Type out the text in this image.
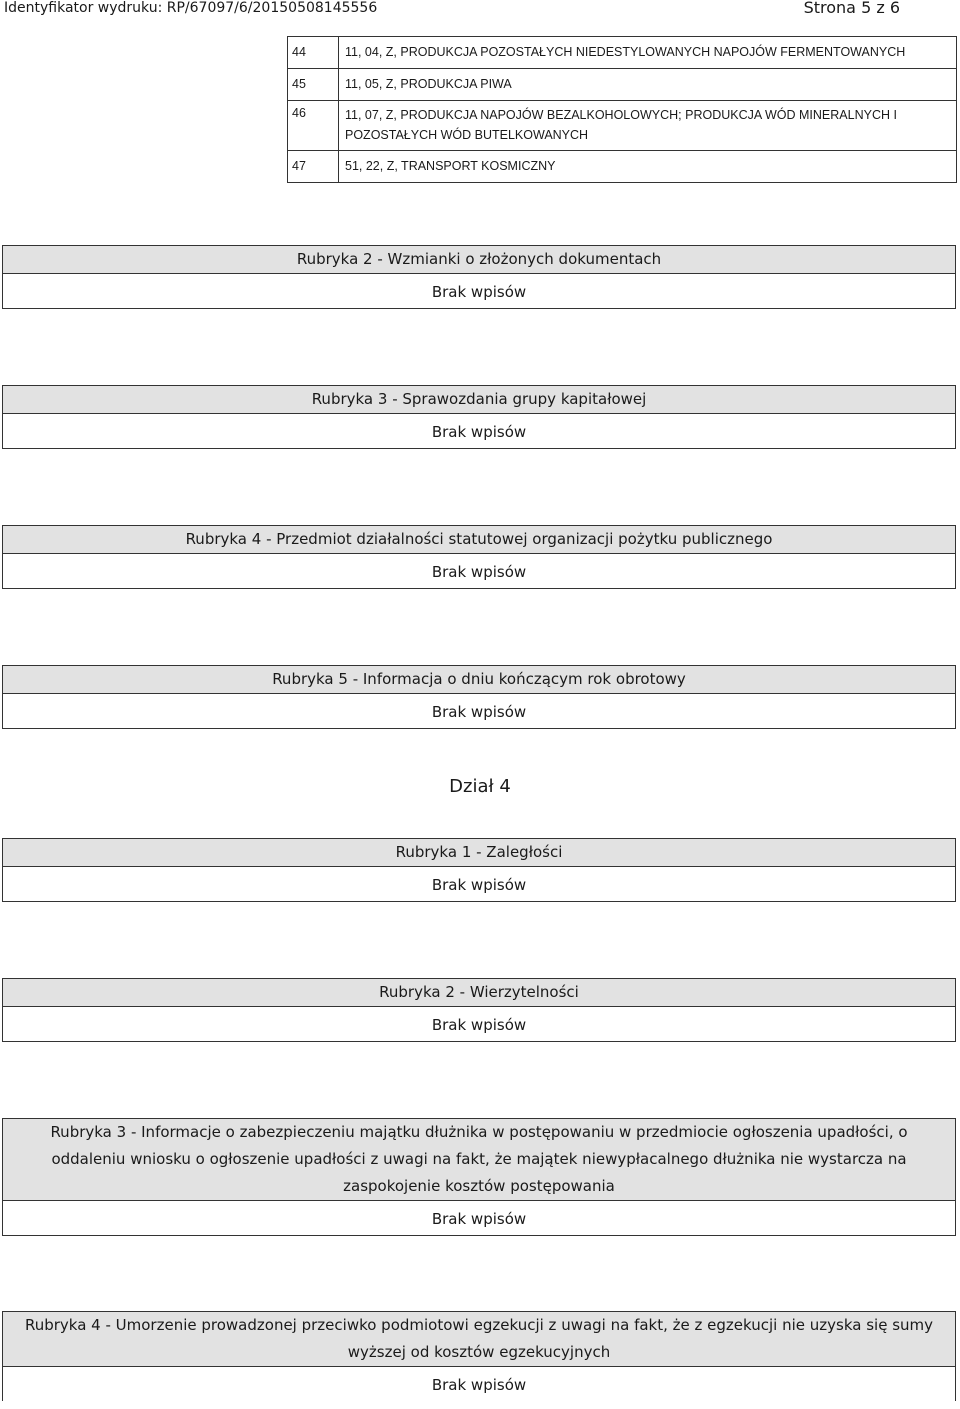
Identyfikator wydruku: RP/67097/6/20150508145556	Strona 5 z 6
44	11, 04, Z, PRODUKCJA POZOSTAŁYCH NIEDESTYLOWANYCH NAPOJÓW FERMENTOWANYCH
45	11, 05, Z, PRODUKCJA PIWA
46	11, 07, Z, PRODUKCJA NAPOJÓW BEZALKOHOLOWYCH; PRODUKCJA WÓD MINERALNYCH I POZOSTAŁYCH WÓD BUTELKOWANYCH
47	51, 22, Z, TRANSPORT KOSMICZNY
Rubryka 2 - Wzmianki o złożonych dokumentach
Brak wpisów
Rubryka 3 - Sprawozdania grupy kapitałowej
Brak wpisów
Rubryka 4 - Przedmiot działalności statutowej organizacji pożytku publicznego
Brak wpisów
Rubryka 5 - Informacja o dniu kończącym rok obrotowy
Brak wpisów
Dział 4
Rubryka 1 - Zaległości
Brak wpisów
Rubryka 2 - Wierzytelności
Brak wpisów
Rubryka 3 - Informacje o zabezpieczeniu majątku dłużnika w postępowaniu w przedmiocie ogłoszenia upadłości, o oddaleniu wniosku o ogłoszenie upadłości z uwagi na fakt, że majątek niewypłacalnego dłużnika nie wystarcza na zaspokojenie kosztów postępowania
Brak wpisów
Rubryka 4 - Umorzenie prowadzonej przeciwko podmiotowi egzekucji z uwagi na fakt, że z egzekucji nie uzyska się sumy wyższej od kosztów egzekucyjnych
Brak wpisów
